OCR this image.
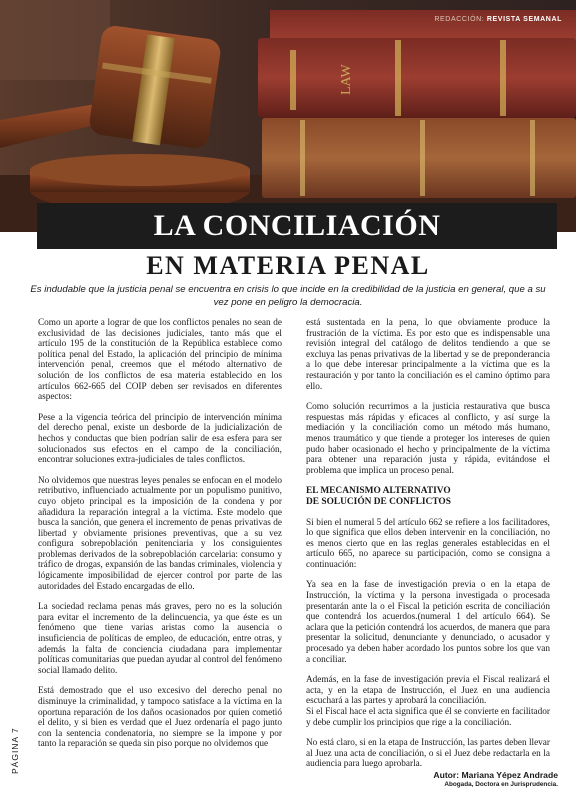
LAW
REDACCIÓN: REVISTA SEMANAL
LA CONCILIACIÓN
EN MATERIA PENAL
Es indudable que la justicia penal se encuentra en crisis lo que incide en la credibilidad de la justicia en general, que a su vez pone en peligro la democracia.

Como un aporte a lograr de que los conflictos penales no sean de exclusividad de las decisiones judiciales, tanto más que el artículo 195 de la constitución de la República establece como política penal del Estado, la aplicación del principio de mínima intervención penal, creemos que el método alternativo de solución de los conflictos de esa materia establecido en los artículos 662-665 del COIP deben ser revisados en diferentes aspectos:

Pese a la vigencia teórica del principio de intervención mínima del derecho penal, existe un desborde de la judicialización de hechos y conductas que bien podrían salir de esa esfera para ser solucionados sus efectos en el campo de la conciliación, encontrar soluciones extra-judiciales de tales conflictos.

No olvidemos que nuestras leyes penales se enfocan en el modelo retributivo, influenciado actualmente por un populismo punitivo, cuyo objeto principal es la imposición de la condena y por añadidura la reparación integral a la víctima. Este modelo que busca la sanción, que genera el incremento de penas privativas de libertad y obviamente prisiones preventivas, que a su vez configura sobrepoblación penitenciaria y los consiguientes problemas derivados de la sobrepoblación carcelaria: consumo y tráfico de drogas, expansión de las bandas criminales, violencia y lógicamente imposibilidad de ejercer control por parte de las autoridades del Estado encargadas de ello.

La sociedad reclama penas más graves, pero no es la solución para evitar el incremento de la delincuencia, ya que éste es un fenómeno que tiene varias aristas como la ausencia o insuficiencia de políticas de empleo, de educación, entre otras, y además la falta de conciencia ciudadana para implementar políticas comunitarias que puedan ayudar al control del fenómeno social llamado delito.

Está demostrado que el uso excesivo del derecho penal no disminuye la criminalidad, y tampoco satisface a la víctima en la oportuna reparación de los daños ocasionados por quien cometió el delito, y si bien es verdad que el Juez ordenaría el pago junto con la sentencia condenatoria, no siempre se la impone y por tanto la reparación se queda sin piso porque no olvidemos que

está sustentada en la pena, lo que obviamente produce la frustración de la víctima. Es por esto que es indispensable una revisión integral del catálogo de delitos tendiendo a que se excluya las penas privativas de la libertad y se de preponderancia a lo que debe interesar principalmente a la víctima que es la restauración y por tanto la conciliación es el camino óptimo para ello.

Como solución recurrimos a la justicia restaurativa que busca respuestas más rápidas y eficaces al conflicto, y así surge la mediación y la conciliación como un método más humano, menos traumático y que tiende a proteger los intereses de quien pudo haber ocasionado el hecho y principalmente de la víctima para obtener una reparación justa y rápida, evitándose el problema que implica un proceso penal.

EL MECANISMO ALTERNATIVO
DE SOLUCIÓN DE CONFLICTOS

Si bien el numeral 5 del artículo 662 se refiere a los facilitadores, lo que significa que ellos deben intervenir en la conciliación, no es menos cierto que en las reglas generales establecidas en el artículo 665, no aparece su participación, como se consigna a continuación:

Ya sea en la fase de investigación previa o en la etapa de Instrucción, la víctima y la persona investigada o procesada presentarán ante la o el Fiscal la petición escrita de conciliación que contendrá los acuerdos.(numeral 1 del artículo 664). Se aclara que la petición contendrá los acuerdos, de manera que para presentar la solicitud, denunciante y denunciado, o acusador y procesado ya deben haber acordado los puntos sobre los que van a conciliar.

Además, en la fase de investigación previa el Fiscal realizará el acta, y en la etapa de Instrucción, el Juez en una audiencia escuchará a las partes y aprobará la conciliación.
Si el Fiscal hace el acta significa que él se convierte en facilitador y debe cumplir los principios que rige a la conciliación.

No está claro, si en la etapa de Instrucción, las partes deben llevar al Juez una acta de conciliación, o si el Juez debe redactarla en la audiencia para luego aprobarla.

Autor: Mariana Yépez Andrade
Abogada, Doctora en Jurisprudencia.
PÁGINA 7
